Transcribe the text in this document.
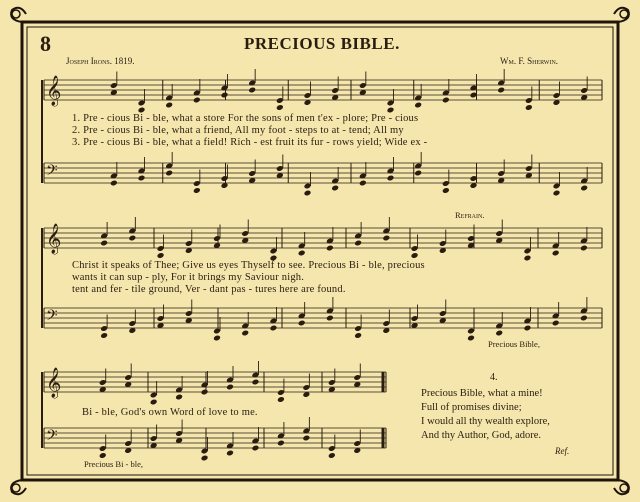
𝄞
𝄢
𝄞
𝄢
𝄞
𝄢
8	PRECIOUS BIBLE.
Joseph Irons. 1819.	Wm. F. Sherwin.
1. Pre - cious Bi - ble, what a store For the sons of men t'ex - plore; Pre - cious
2. Pre - cious Bi - ble, what a friend, All my foot - steps to at - tend; All my
3. Pre - cious Bi - ble, what a field! Rich - est fruit its fur - rows yield; Wide ex -
Refrain.
Christ it speaks of Thee; Give us eyes Thyself to see. Precious Bi - ble, precious
wants it can sup - ply, For it brings my Saviour nigh.
tent and fer - tile ground, Ver - dant pas - tures here are found.
Precious Bible,
Bi - ble, God's own Word of love to me.
Precious Bi - ble,
4.
Precious Bible, what a mine!
Full of promises divine;
I would all thy wealth explore,
And thy Author, God, adore.
Ref.
